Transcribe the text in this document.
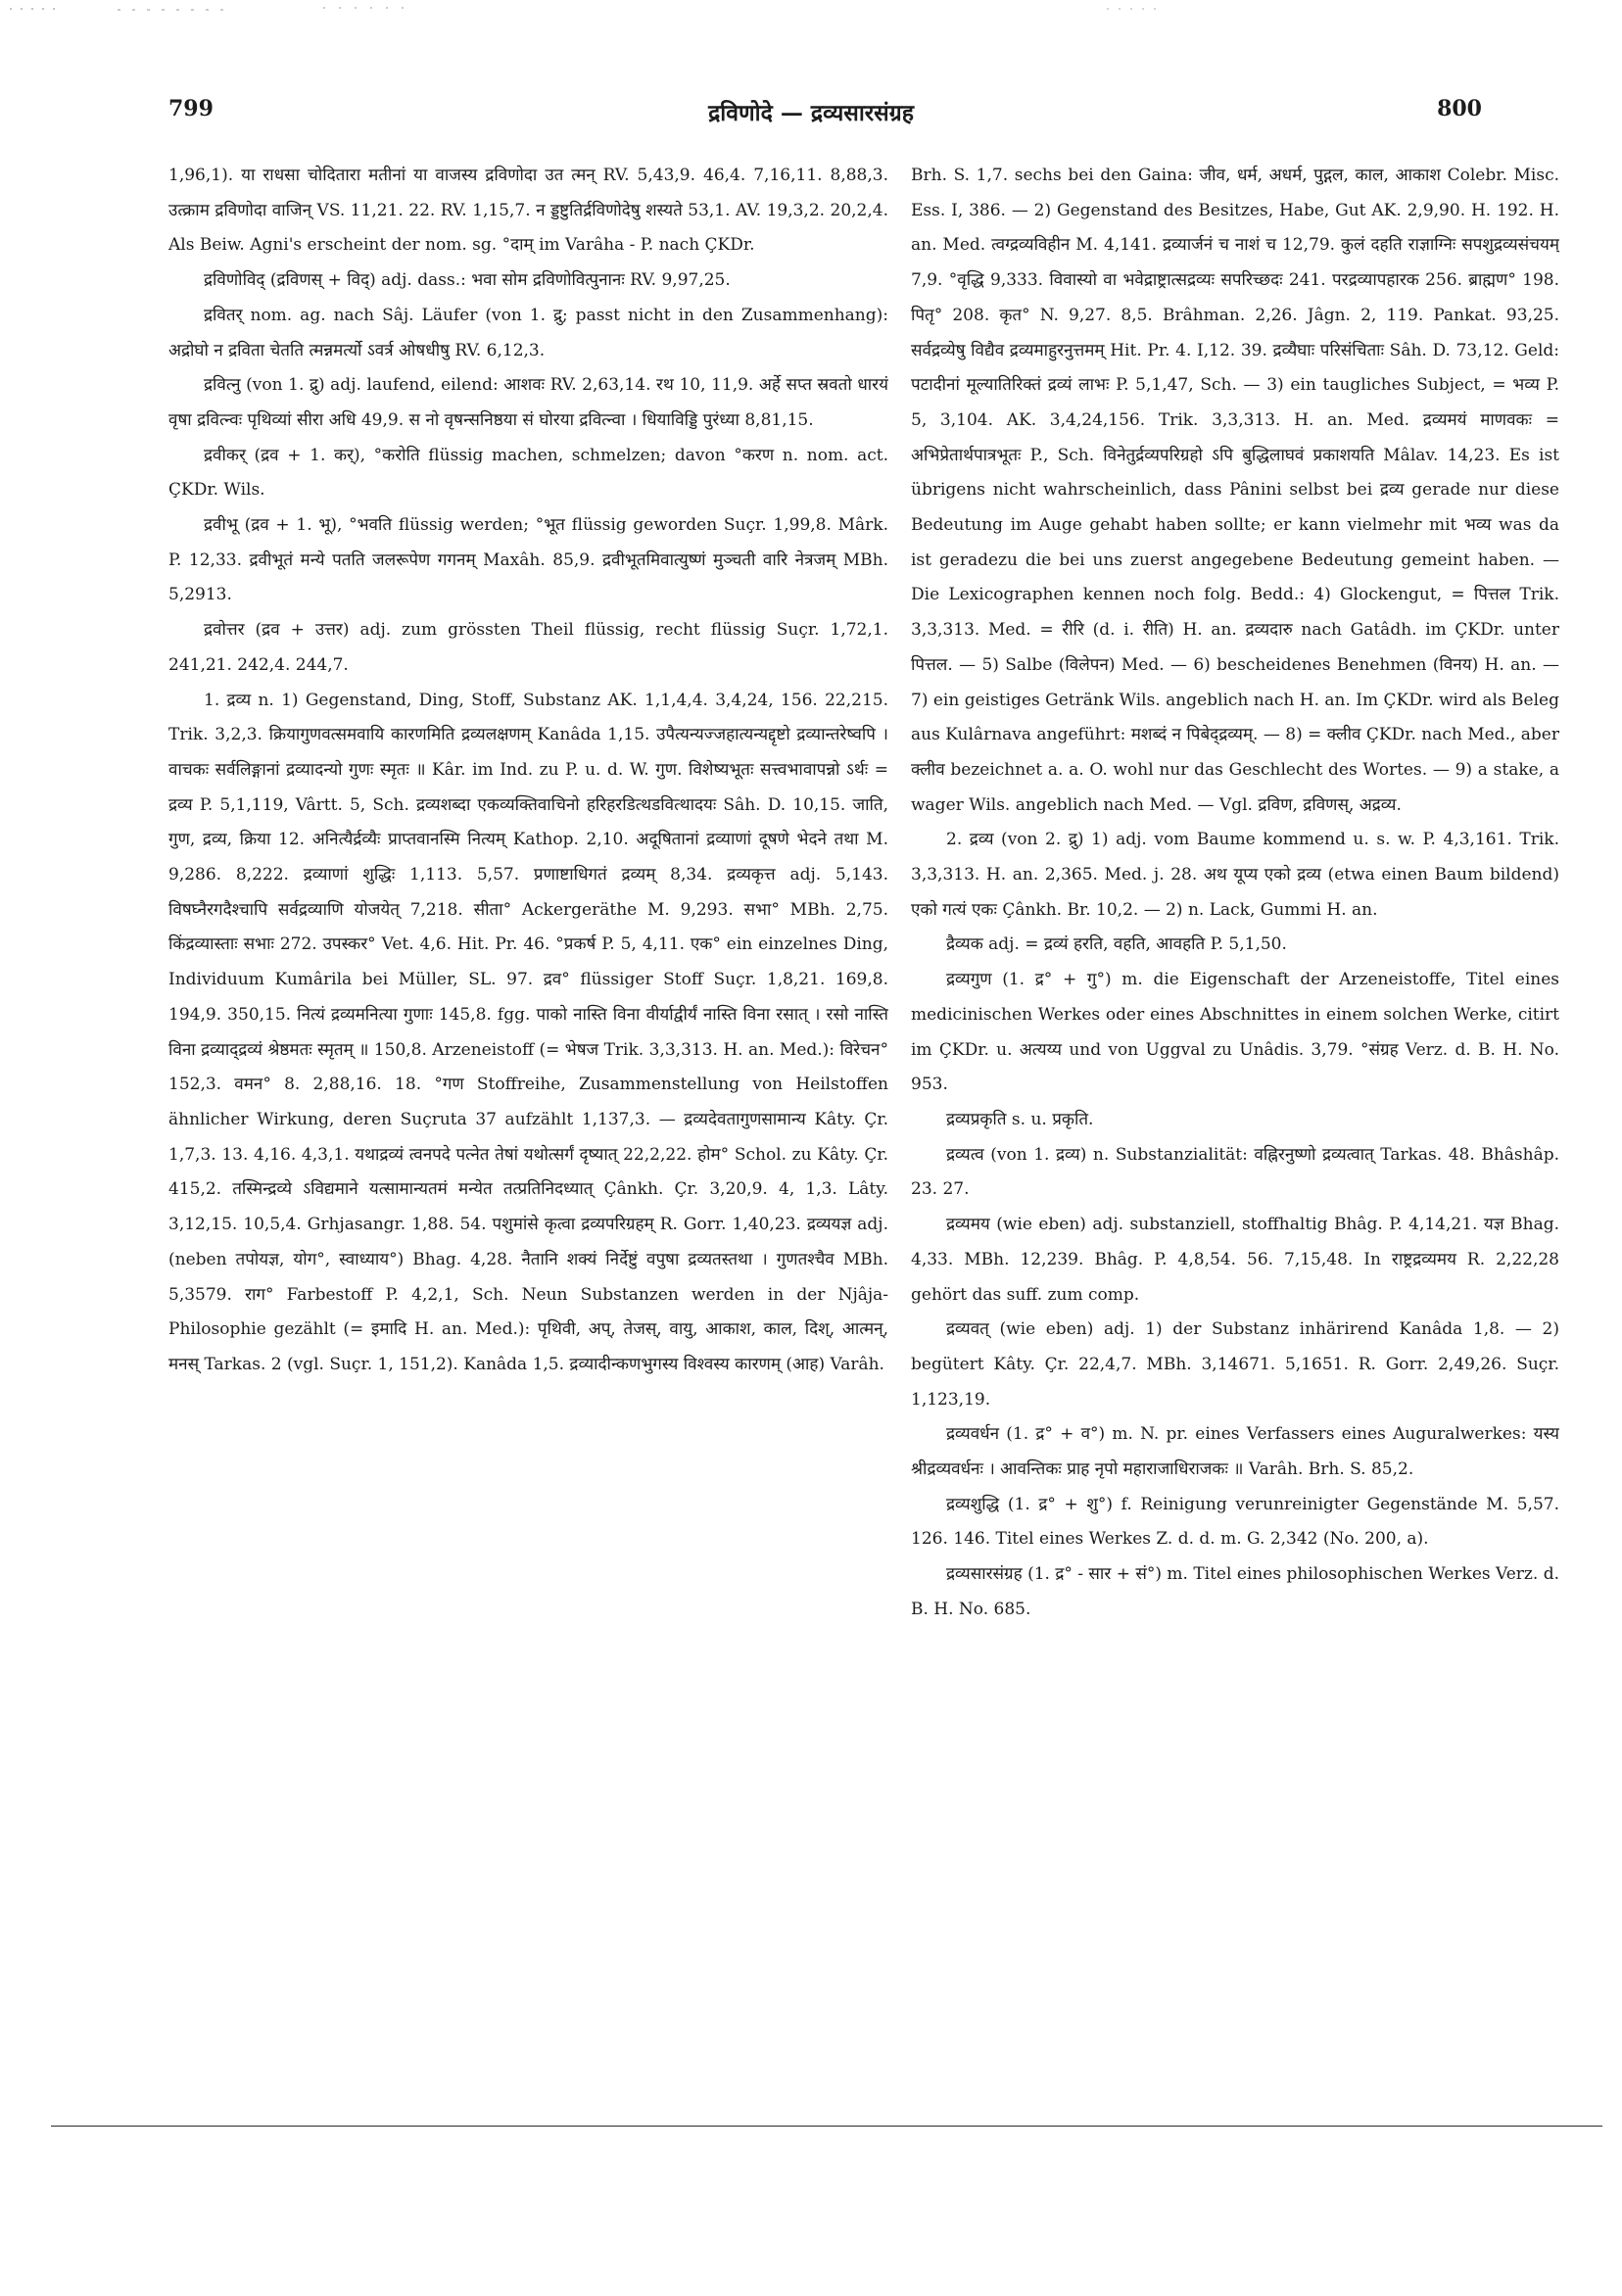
799	द्रविणोदे — द्रव्यसारसंग्रह	800

1,96,1). या राधसा चोदितारा मतीनां या वाजस्य द्रविणोदा उत त्मन् RV. 5,43,9. 46,4. 7,16,11. 8,88,3. उत्क्राम द्रविणोदा वाजिन् VS. 11,21. 22. RV. 1,15,7. न ड्डष्टुतिर्द्रविणोदेषु शस्यते 53,1. AV. 19,3,2. 20,2,4. Als Beiw. Agni's erscheint der nom. sg. °दाम् im Varâha - P. nach ÇKDr.

द्रविणोविद् (द्रविणस् + विद्) adj. dass.: भवा सोम द्रविणोवित्पुनानः RV. 9,97,25.

द्रवितर् nom. ag. nach Sâj. Läufer (von 1. द्रु; passt nicht in den Zusammenhang): अद्रोघो न द्रविता चेतति त्मन्नमर्त्यो ऽवर्त्र ओषधीषु RV. 6,12,3.

द्रवित्नु (von 1. द्रु) adj. laufend, eilend: आशवः RV. 2,63,14. रथ 10, 11,9. अर्हे सप्त स्रवतो धारयं वृषा द्रवित्न्वः पृथिव्यां सीरा अधि 49,9. स नो वृषन्सनिष्ठया सं घोरया द्रवित्न्वा । धियाविड्डि पुरंध्या 8,81,15.

द्रवीकर् (द्रव + 1. कर्), °करोति flüssig machen, schmelzen; davon °करण n. nom. act. ÇKDr. Wils.

द्रवीभू (द्रव + 1. भू), °भवति flüssig werden; °भूत flüssig geworden Suçr. 1,99,8. Mârk. P. 12,33. द्रवीभूतं मन्ये पतति जलरूपेण गगनम् Maxâh. 85,9. द्रवीभूतमिवात्युष्णं मुञ्चती वारि नेत्रजम् MBh. 5,2913.

द्रवोत्तर (द्रव + उत्तर) adj. zum grössten Theil flüssig, recht flüssig Suçr. 1,72,1. 241,21. 242,4. 244,7.

1. द्रव्य n. 1) Gegenstand, Ding, Stoff, Substanz AK. 1,1,4,4. 3,4,24, 156. 22,215. Trik. 3,2,3. क्रियागुणवत्समवायि कारणमिति द्रव्यलक्षणम् Kanâda 1,15. उपैत्यन्यज्जहात्यन्यद्दृष्टो द्रव्यान्तरेष्वपि । वाचकः सर्वलिङ्गानां द्रव्यादन्यो गुणः स्मृतः ॥ Kâr. im Ind. zu P. u. d. W. गुण. विशेष्यभूतः सत्त्वभावापन्नो ऽर्थः = द्रव्य P. 5,1,119, Vârtt. 5, Sch. द्रव्यशब्दा एकव्यक्तिवाचिनो हरिहरडित्थडवित्थादयः Sâh. D. 10,15. जाति, गुण, द्रव्य, क्रिया 12. अनित्यैर्द्रव्यैः प्राप्तवानस्मि नित्यम् Kathop. 2,10. अदूषितानां द्रव्याणां दूषणे भेदने तथा M. 9,286. 8,222. द्रव्याणां शुद्धिः 1,113. 5,57. प्रणाष्टाधिगतं द्रव्यम् 8,34. द्रव्यकृत्त adj. 5,143. विषघ्नैरगदैश्चापि सर्वद्रव्याणि योजयेत् 7,218. सीता° Ackergeräthe M. 9,293. सभा° MBh. 2,75. किंद्रव्यास्ताः सभाः 272. उपस्कर° Vet. 4,6. Hit. Pr. 46. °प्रकर्ष P. 5, 4,11. एक° ein einzelnes Ding, Individuum Kumârila bei Müller, SL. 97. द्रव° flüssiger Stoff Suçr. 1,8,21. 169,8. 194,9. 350,15. नित्यं द्रव्यमनित्या गुणाः 145,8. fgg. पाको नास्ति विना वीर्याद्वीर्यं नास्ति विना रसात् । रसो नास्ति विना द्रव्याद्द्रव्यं श्रेष्ठमतः स्मृतम् ॥ 150,8. Arzeneistoff (= भेषज Trik. 3,3,313. H. an. Med.): विरेचन° 152,3. वमन° 8. 2,88,16. 18. °गण Stoffreihe, Zusammenstellung von Heilstoffen ähnlicher Wirkung, deren Suçruta 37 aufzählt 1,137,3. — द्रव्यदेवतागुणसामान्य Kâty. Çr. 1,7,3. 13. 4,16. 4,3,1. यथाद्रव्यं त्वनपदे पत्नेत तेषां यथोत्सर्गं दृष्यात् 22,2,22. होम° Schol. zu Kâty. Çr. 415,2. तस्मिन्द्रव्ये ऽविद्यमाने यत्सामान्यतमं मन्येत तत्प्रतिनिदध्यात् Çânkh. Çr. 3,20,9. 4, 1,3. Lâty. 3,12,15. 10,5,4. Grhjasangr. 1,88. 54. पशुमांसे कृत्वा द्रव्यपरिग्रहम् R. Gorr. 1,40,23. द्रव्ययज्ञ adj. (neben तपोयज्ञ, योग°, स्वाध्याय°) Bhag. 4,28. नैतानि शक्यं निर्देष्टुं वपुषा द्रव्यतस्तथा । गुणतश्चैव MBh. 5,3579. राग° Farbestoff P. 4,2,1, Sch. Neun Substanzen werden in der Njâja-Philosophie gezählt (= इमादि H. an. Med.): पृथिवी, अप्, तेजस्, वायु, आकाश, काल, दिश्, आत्मन्, मनस् Tarkas. 2 (vgl. Suçr. 1, 151,2). Kanâda 1,5. द्रव्यादीन्कणभुगस्य विश्वस्य कारणम् (आह) Varâh.

Brh. S. 1,7. sechs bei den Gaina: जीव, धर्म, अधर्म, पुद्गल, काल, आकाश Colebr. Misc. Ess. I, 386. — 2) Gegenstand des Besitzes, Habe, Gut AK. 2,9,90. H. 192. H. an. Med. त्वग्द्रव्यविहीन M. 4,141. द्रव्यार्जनं च नाशं च 12,79. कुलं दहति राज्ञाग्निः सपशुद्रव्यसंचयम् 7,9. °वृद्धि 9,333. विवास्यो वा भवेद्राष्ट्रात्सद्रव्यः सपरिच्छदः 241. परद्रव्यापहारक 256. ब्राह्मण° 198. पितृ° 208. कृत° N. 9,27. 8,5. Brâhman. 2,26. Jâgn. 2, 119. Pankat. 93,25. सर्वद्रव्येषु विद्यैव द्रव्यमाहुरनुत्तमम् Hit. Pr. 4. I,12. 39. द्रव्यैघाः परिसंचिताः Sâh. D. 73,12. Geld: पटादीनां मूल्यातिरिक्तं द्रव्यं लाभः P. 5,1,47, Sch. — 3) ein taugliches Subject, = भव्य P. 5, 3,104. AK. 3,4,24,156. Trik. 3,3,313. H. an. Med. द्रव्यमयं माणवकः = अभिप्रेतार्थपात्रभूतः P., Sch. विनेतुर्द्रव्यपरिग्रहो ऽपि बुद्धिलाघवं प्रकाशयति Mâlav. 14,23. Es ist übrigens nicht wahrscheinlich, dass Pânini selbst bei द्रव्य gerade nur diese Bedeutung im Auge gehabt haben sollte; er kann vielmehr mit भव्य was da ist geradezu die bei uns zuerst angegebene Bedeutung gemeint haben. — Die Lexicographen kennen noch folg. Bedd.: 4) Glockengut, = पित्तल Trik. 3,3,313. Med. = रीरि (d. i. रीति) H. an. द्रव्यदारु nach Gatâdh. im ÇKDr. unter पित्तल. — 5) Salbe (विलेपन) Med. — 6) bescheidenes Benehmen (विनय) H. an. — 7) ein geistiges Getränk Wils. angeblich nach H. an. Im ÇKDr. wird als Beleg aus Kulârnava angeführt: मशब्दं न पिबेद्द्रव्यम्. — 8) = क्लीव ÇKDr. nach Med., aber क्लीव bezeichnet a. a. O. wohl nur das Geschlecht des Wortes. — 9) a stake, a wager Wils. angeblich nach Med. — Vgl. द्रविण, द्रविणस्, अद्रव्य.

2. द्रव्य (von 2. द्रु) 1) adj. vom Baume kommend u. s. w. P. 4,3,161. Trik. 3,3,313. H. an. 2,365. Med. j. 28. अथ यूप्य एको द्रव्य (etwa einen Baum bildend) एको गत्यं एकः Çânkh. Br. 10,2. — 2) n. Lack, Gummi H. an.

द्रैव्यक adj. = द्रव्यं हरति, वहति, आवहति P. 5,1,50.

द्रव्यगुण (1. द्र° + गु°) m. die Eigenschaft der Arzeneistoffe, Titel eines medicinischen Werkes oder eines Abschnittes in einem solchen Werke, citirt im ÇKDr. u. अत्यय्य und von Uggval zu Unâdis. 3,79. °संग्रह Verz. d. B. H. No. 953.

द्रव्यप्रकृति s. u. प्रकृति.

द्रव्यत्व (von 1. द्रव्य) n. Substanzialität: वह्निरनुष्णो द्रव्यत्वात् Tarkas. 48. Bhâshâp. 23. 27.

द्रव्यमय (wie eben) adj. substanziell, stoffhaltig Bhâg. P. 4,14,21. यज्ञ Bhag. 4,33. MBh. 12,239. Bhâg. P. 4,8,54. 56. 7,15,48. In राष्ट्रद्रव्यमय R. 2,22,28 gehört das suff. zum comp.

द्रव्यवत् (wie eben) adj. 1) der Substanz inhärirend Kanâda 1,8. — 2) begütert Kâty. Çr. 22,4,7. MBh. 3,14671. 5,1651. R. Gorr. 2,49,26. Suçr. 1,123,19.

द्रव्यवर्धन (1. द्र° + व°) m. N. pr. eines Verfassers eines Auguralwerkes: यस्य श्रीद्रव्यवर्धनः । आवन्तिकः प्राह नृपो महाराजाधिराजकः ॥ Varâh. Brh. S. 85,2.

द्रव्यशुद्धि (1. द्र° + शु°) f. Reinigung verunreinigter Gegenstände M. 5,57. 126. 146. Titel eines Werkes Z. d. d. m. G. 2,342 (No. 200, a).

द्रव्यसारसंग्रह (1. द्र° - सार + सं°) m. Titel eines philosophischen Werkes Verz. d. B. H. No. 685.
